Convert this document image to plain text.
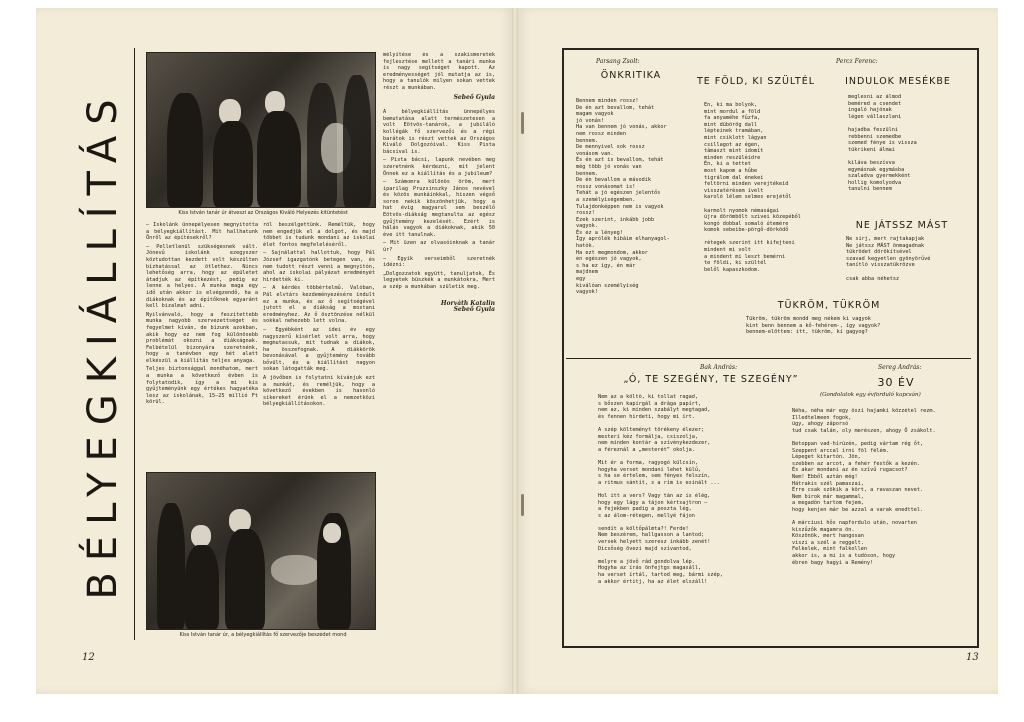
BÉLYEGKIÁLLÍTÁS	Kiss István tanár úr átveszi az Országos Kiváló Helyezés kitüntetést

— Iskolánk ünnepélyesen megnyitotta a bélyegkiállítást. Mit hallhatunk Önről az építésekről?

— Pelletlenül szükségesnek vált. Jónevű iskolánk ezegyszer köztudottan kezdett volt készülten bízhatással az ötlethez. Nincs lehetőség arra, hogy az épületet átadjuk az építkezést, pedig ez lenne a helyes. A munka maga egy idő után akkor is elvégzendő, ha a diákoknak és az építőknek egyaránt kell bizalmat adni.

Nyilvánvaló, hogy a feszítettebb munka nagyobb szervezettséget és fegyelmet kíván, de bízunk azokban, akik hogy ez nem fog különösebb problémát okozni a diákságnak. Felbételül bizonyára szeretnénk, hogy a tanévben egy hét alatt elkészül a kiállítás teljes anyaga.

Teljes biztonsággal mondhatom, mert a munka a következő évben is folytatódik, így a mi kis gyűjteményünk egy értékes hagyatéka lesz az iskolának, 15—25 millió Ft körül.

ről beszélgettünk. Reméltük, hogy nem engedjük el a dolgot, és majd többet is tudunk mondani az iskolai élet fontos megfeleléséről.

— Sajnálattal hallottuk, hogy Pál József igazgatónk betegen van, és nem tudott részt venni a megnyitón, ahol az iskolai pályázat eredményét hirdették ki.

— A kérdés többértelmű. Valóban, Pál elvtárs kezdeményezésére indult ez a munka, és az ő segítségével jutott el a diákság a mostani eredményhez. Az ő ösztönzése nélkül sokkal nehezebb lett volna.

— Egyébként az idei év egy nagyszerű kísérlet volt arra, hogy megmutassuk, mit tudnak a diákok, ha összefognak. A diákkörök bevonásával a gyűjtemény tovább bővült, és a kiállítást nagyon sokan látogatták meg.

A jövőben is folytatni kívánjuk ezt a munkát, és reméljük, hogy a következő években is hasonló sikereket érünk el a nemzetközi bélyegkiállításokon.

Kiss István tanár úr, a bélyegkiállítás fő szervezője beszédet mond

mélyítése és a szakismeretek fejlesztése mellett a tanári munka is nagy segítséget kapott. Az eredményességet jól mutatja az is, hogy a tanulók milyen sokan vettek részt a munkában.

Sebeő Gyula

A bélyegkiállítás ünnepélyes bemutatása alatt természetesen a volt Eötvös-tanárok, a jubiláló kollégák fő szervezői és a régi barátok is részt vettek az Országos Kiváló Dolgozóival. Kiss Pista bácsival is.

— Pista bácsi, lapunk nevében meg szeretnénk kérdezni, mit jelent Önnek ez a kiállítás és a jubileum?

— Számomra különös öröm, mert iparilag Pruzsinszky János nevével és közös munkáinkkal, hiszen végső soron nekik köszönhetjük, hogy a hat évig magyarul sem beszélő Eötvös-diákság megtanulta az egész gyűjtemény kezelését. Ezért is hálás vagyok a diákoknak, akik 50 éve itt tanulnak.

— Mit üzen az olvasóinknak a tanár úr?

— Egyik verseimből szeretnék idézni:

„Dolgozzatok együtt, tanuljatok, És legyetek büszkék a munkátokra, Mert a szép a munkában születik meg.

Horváth Katalin
Sebeő Gyula
12
Parsang Zsolt:
ÖNKRITIKA
Bennem minden rossz!
De én azt bevallom, tehát
magam vagyok
jó vonás!
Ha van bennem jó vonás, akkor
nem rossz minden
bennem.
De mennyivel sok rossz
vonásom van.
És én azt is bevallom, tehát
még több jó vonás van
bennem.
De én bevallom a második
rossz vonásomat is!
Tehát a jó egészen jelentős
a személyiségemben.
Tulajdonképpen nem is vagyok
rossz!
Ezek szerint, inkább jobb
vagyok.
És ez a lényeg!
Így aprólék hibáim elhanyagol-
hatók.
Ha ezt megmondom, akkor
én egészen jó vagyok,
s ha ez így, én már
majdnem
egy
kiválóan személyiség
vagyok!
TE FÖLD, KI SZÜLTÉL
Én, ki ma bolyok,
mint mordul a föld
fa anyaméhe fűzfa,
mint dübörög dall
lépteinek tramában,
mint csiklott lágyan
csillagot az égen,
támaszt mint idomít
minden reszüléidre
Én, ki a tettet
most kapom a hűbe
tigrálom dal énekei
feltörni minden verejtékeid
visszatérésem ívelt
karoló lélem selmes erejétől

karmolt nyomok némaságai
újra dörömbölt szivei közepéből
kongó dobbal somaló útemére
komok sebeibe-pörgő-dörködő

rétegek szerint itt kifejteni
mindent mi volt
a mindent mi leszt bemérni
te földi, ki szültél
belől kapaszkodom.
Percz Ferenc:
INDULOK MESÉKBE
meglesni az álmod
beméred a csendet
ingaló hajónak
légen vállaszlani

hajadba feszülni
rebbenni szemedbe
szemed fénye is vissza
tükrikeni álmai

kiláva beszívva
egymásnak egymásba
szaladva gyermekként
hollig komolyodva
tanulni bennem
NE JÁTSSZ MÁST
Ne sírj, mert rajtakapjak
Ne játssz MÁST önmagadnak
tükrödet dörökítsével
szavad kegyetlen gyönyörűvé
tanítló visszatükrözve

csak abba néhetsz
TÜKRÖM, TÜKRÖM
Tükröm, tükröm mondd meg nékem ki vagyok
kint benn bennem a kő-fehérem-, így vagyok?
bennem-elöttem: itt, tükröm, ki gagyog?
Bak András:
„Ó, TE SZEGÉNY, TE SZEGÉNY”
Nem az a költő, ki tollat ragad,
s bőszen kapirgál a drága papírt,
nem az, ki minden szabályt megtagad,
és fennen hirdeti, hogy mi írt.

A szép költeményt törékeny élezer;
mesteri kéz formálja, csiszolja,
nem minden kontár a szívénykezdezer,
a féreznál a „mesterét” okolja.

Mit ér a forma, ragyogó külcsín,
hogyha verset mondani lehet külű,
s ha se értelem, sem fényes felszín,
a ritmus sántít, s a rím is esinált ...

Hol itt a vers? Vagy tán az is élég,
hogy egy lágy a tájon kértsajtron —
a fejekben padig a poszta lég,
s az álom-rétegen, mellyé fájon

sendít a költőpálmta?! Ferde!
Nem beszérem, hallgasson a lantod;
versek helyett szeresz inkább zenét!
Dicsőség övezi majd szívantod,

melyre a jövő rád gondolva lép.
Hogyha az írás önfejtgs magasáll,
ha verset írtál, tartod meg, bármi szép,
a akkor értitj, ha az élet elszáll!
Sereg András:
30 ÉV
(Gondolatok egy évforduló kapcsán)
Néha, néha már egy őszi hajamkí közzétel rezm.
Illedtelmeen fogok,
ügy, ahogy záporsó
tud csak talán, oly merészen, ahogy Ő zsákolt.

Betoppan vad-hírüzén, pedig vártam rég őt,
Szeppent arccal írni föl félém.
Lépeget kitartón. Jön,
szebben az arcot, a fehér festők a kezén.
És akar mondani az én szívű rugacsot?
Nem! Ebből aztán még!
Hátrakis szél pamaszai,
Érre csak szökik a kört, a ravaszan nevet.
Nem birok már magammal,
a megadón tartom fejem,
hogy kenjen már be azzal a varak enedttel.

A márciusi hős napfordulo után, novarten
kiszűzők magamra ön.
Köszönök, mert hangosan
viszi a szél a reggelt.
Felkelek, mint falkollen
akkor is, a mi is a tudóson, hogy
ébren bagy hagyi a Remény!
13
